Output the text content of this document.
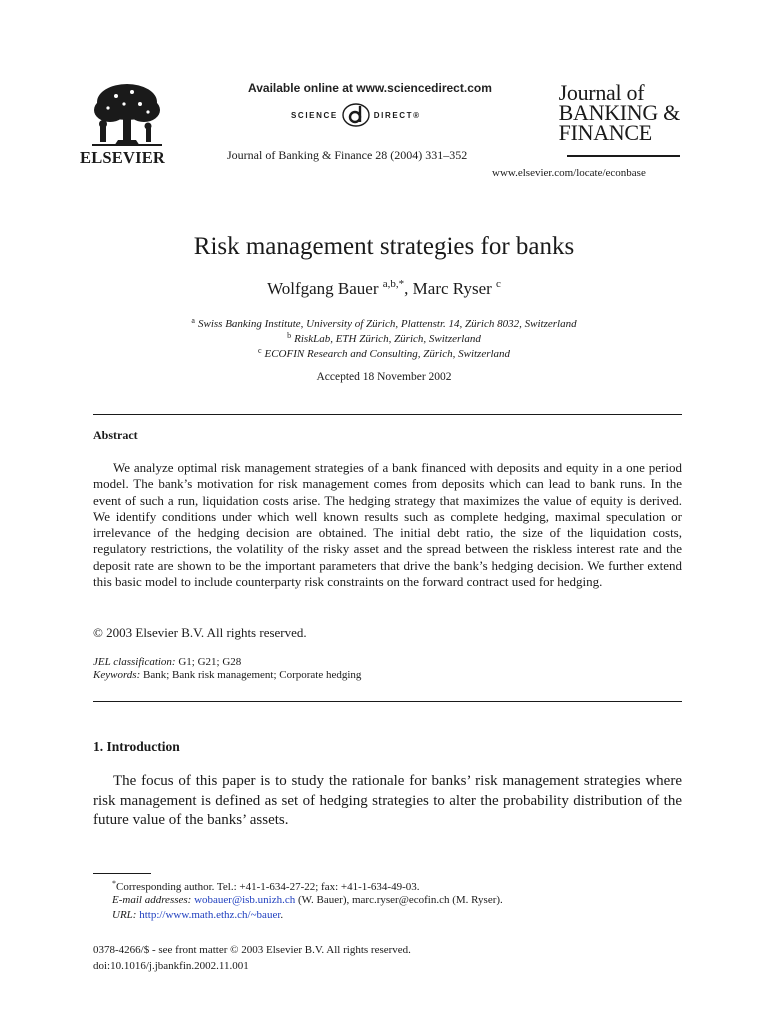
ELSEVIER
Available online at www.sciencedirect.com
SCIENCE	DIRECT®
Journal of Banking & Finance 28 (2004) 331–352
Journal of
BANKING &
FINANCE
www.elsevier.com/locate/econbase
Risk management strategies for banks
Wolfgang Bauer $^{a,b,*}$, Marc Ryser $^c$
$^a$ Swiss Banking Institute, University of Zürich, Plattenstr. 14, Zürich 8032, Switzerland
$^b$ RiskLab, ETH Zürich, Zürich, Switzerland
$^c$ ECOFIN Research and Consulting, Zürich, Switzerland
Accepted 18 November 2002
Abstract

We analyze optimal risk management strategies of a bank financed with deposits and equity in a one period model. The bank’s motivation for risk management comes from deposits which can lead to bank runs. In the event of such a run, liquidation costs arise. The hedging strategy that maximizes the value of equity is derived. We identify conditions under which well known results such as complete hedging, maximal speculation or irrelevance of the hedging decision are obtained. The initial debt ratio, the size of the liquidation costs, regulatory restrictions, the volatility of the risky asset and the spread between the riskless interest rate and the deposit rate are shown to be the important parameters that drive the bank’s hedging decision. We further extend this basic model to include counterparty risk constraints on the forward contract used for hedging.

© 2003 Elsevier B.V. All rights reserved.
JEL classification: G1; G21; G28
Keywords: Bank; Bank risk management; Corporate hedging
1. Introduction

The focus of this paper is to study the rationale for banks’ risk management strategies where risk management is defined as set of hedging strategies to alter the probability distribution of the future value of the banks’ assets.

*Corresponding author. Tel.: +41-1-634-27-22; fax: +41-1-634-49-03.
E-mail addresses: wobauer@isb.unizh.ch (W. Bauer), marc.ryser@ecofin.ch (M. Ryser).
URL: http://www.math.ethz.ch/~bauer.
0378-4266/$ - see front matter © 2003 Elsevier B.V. All rights reserved.
doi:10.1016/j.jbankfin.2002.11.001
